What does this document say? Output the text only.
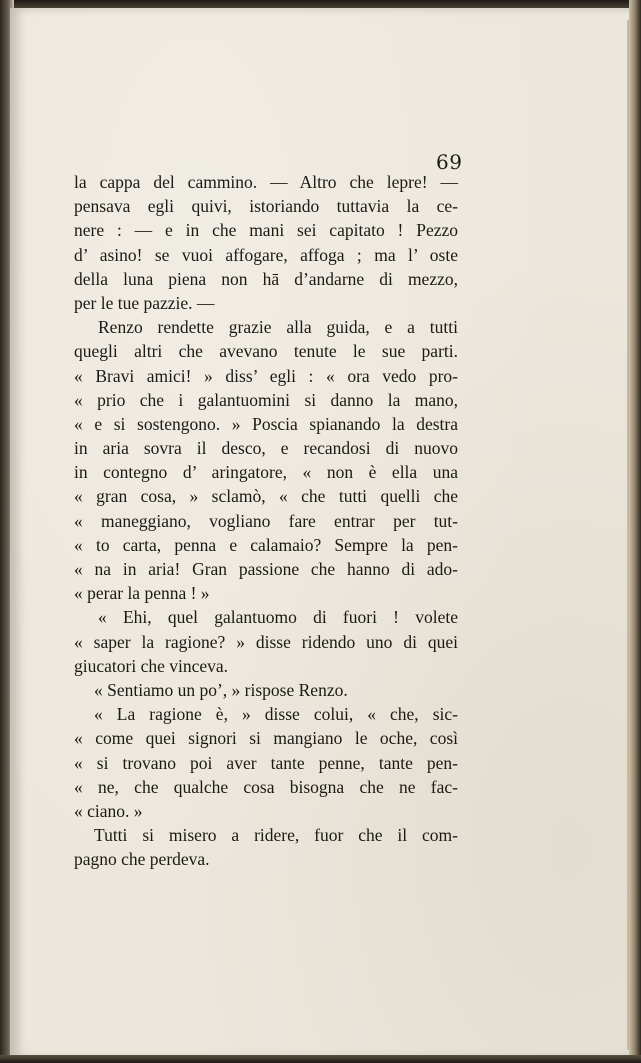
69
la cappa del cammino. — Altro che lepre! —
pensava egli quivi, istoriando tuttavia la ce-
nere : — e in che mani sei capitato ! Pezzo
d’ asino! se vuoi affogare, affoga ; ma l’ oste
della luna piena non hā d’andarne di mezzo,
per le tue pazzie. —
Renzo rendette grazie alla guida, e a tutti
quegli altri che avevano tenute le sue parti.
« Bravi amici! » diss’ egli : « ora vedo pro-
« prio che i galantuomini si danno la mano,
« e si sostengono. » Poscia spianando la destra
in aria sovra il desco, e recandosi di nuovo
in contegno d’ aringatore, « non è ella una
« gran cosa, » sclamò, « che tutti quelli che
« maneggiano, vogliano fare entrar per tut-
« to carta, penna e calamaio? Sempre la pen-
« na in aria! Gran passione che hanno di ado-
« perar la penna ! »
« Ehi, quel galantuomo di fuori ! volete
« saper la ragione? » disse ridendo uno di quei
giucatori che vinceva.
« Sentiamo un po’, » rispose Renzo.
« La ragione è, » disse colui, « che, sic-
« come quei signori si mangiano le oche, così
« si trovano poi aver tante penne, tante pen-
« ne, che qualche cosa bisogna che ne fac-
« ciano. »
Tutti si misero a ridere, fuor che il com-
pagno che perdeva.
